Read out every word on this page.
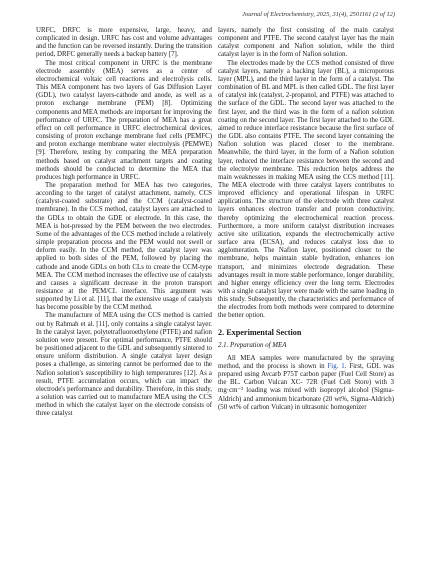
Journal of Electrochemistry, 2025, 31(4), 2501161 (2 of 12)

URFC, DRFC is more expensive, large, heavy, and complicated in design. URFC has cost and volume advantages and the function can be reversed instantly. During the transition period, DRFC generally needs a backup battery [7].

The most critical component in URFC is the membrane electrode assembly (MEA) serves as a center of electrochemical voltaic cell reactions and electrolysis cells. This MEA component has two layers of Gas Diffusion Layer (GDL), two catalyst layers-cathode and anode, as well as a proton exchange membrane (PEM) [8]. Optimizing components and MEA methods are important for improving the performance of URFC. The preparation of MEA has a great effect on cell performance in URFC electrochemical devices, consisting of proton exchange membrane fuel cells (PEMFC) and proton exchange membrane water electrolysis (PEMWE) [9]. Therefore, testing by comparing the MEA preparation methods based on catalyst attachment targets and coating methods should be conducted to determine the MEA that produces high performance in URFC.

The preparation method for MEA has two categories, according to the target of catalyst attachment, namely, CCS (catalyst-coated substrate) and the CCM (catalyst-coated membrane). In the CCS method, catalyst layers are attached to the GDLs to obtain the GDE or electrode. In this case, the MEA is hot-pressed by the PEM between the two electrodes. Some of the advantages of the CCS method include a relatively simple preparation process and the PEM would not swell or deform easily. In the CCM method, the catalyst layer was applied to both sides of the PEM, followed by placing the cathode and anode GDLs on both CLs to create the CCM-type MEA. The CCM method increases the effective use of catalysts and causes a significant decrease in the proton transport resistance at the PEM/CL interface. This argument was supported by Li et al. [11], that the extensive usage of catalysts has become possible by the CCM method.

The manufacture of MEA using the CCS method is carried out by Rahmah et al. [11], only contains a single catalyst layer. In the catalyst layer, polytetrafluoroethylene (PTFE) and nafion solution were present. For optimal performance, PTFE should be positioned adjacent to the GDL and subsequently sintered to ensure uniform distribution. A single catalyst layer design poses a challenge, as sintering cannot be performed due to the Nafion solution's susceptibility to high temperatures [12]. As a result, PTFE accumulation occurs, which can impact the electrode's performance and durability. Therefore, in this study, a solution was carried out to manufacture MEA using the CCS method in which the catalyst layer on the electrode consists of three catalyst

layers, namely the first consisting of the main catalyst component and PTFE. The second catalyst layer has the main catalyst component and Nafion solution, while the third catalyst layer is in the form of Nafion solution.

The electrodes made by the CCS method consisted of three catalyst layers, namely a backing layer (BL), a microporous layer (MPL), and the third layer in the form of a catalyst. The combination of BL and MPL is then called GDL. The first layer of catalyst ink (catalyst, 2-propanol, and PTFE) was attached to the surface of the GDL. The second layer was attached to the first layer, and the third was in the form of a nafion solution coating on the second layer. The first layer attached to the GDL aimed to reduce interface resistance because the first surface of the GDL also contains PTFE. The second layer containing the Nafion solution was placed closer to the membrane. Meanwhile, the third layer, in the form of a Nafion solution layer, reduced the interface resistance between the second and the electrolyte membrane. This reduction helps address the main weaknesses in making MEA using the CCS method [11]. The MEA electrode with three catalyst layers contributes to improved efficiency and operational lifespan in URFC applications. The structure of the electrode with three catalyst layers enhances electron transfer and proton conductivity, thereby optimizing the electrochemical reaction process. Furthermore, a more uniform catalyst distribution increases active site utilization, expands the electrochemically active surface area (ECSA), and reduces catalyst loss due to agglomeration. The Nafion layer, positioned closer to the membrane, helps maintain stable hydration, enhances ion transport, and minimizes electrode degradation. These advantages result in more stable performance, longer durability, and higher energy efficiency over the long term. Electrodes with a single catalyst layer were made with the same loading in this study. Subsequently, the characteristics and performance of the electrodes from both methods were compared to determine the better option.

2. Experimental Section
2.1. Preparation of MEA

All MEA samples were manufactured by the spraying method, and the process is shown in Fig. 1. First, GDL was prepared using Avcarb P75T carbon paper (Fuel Cell Store) as the BL. Carbon Vulcan XC- 72R (Fuel Cell Store) with 3 mg·cm⁻² loading was mixed with isopropyl alcohol (Sigma-Aldrich) and ammonium bicarbonate (20 wt%, Sigma-Aldrich) (50 wt% of carbon Vulcan) in ultrasonic homogenizer
